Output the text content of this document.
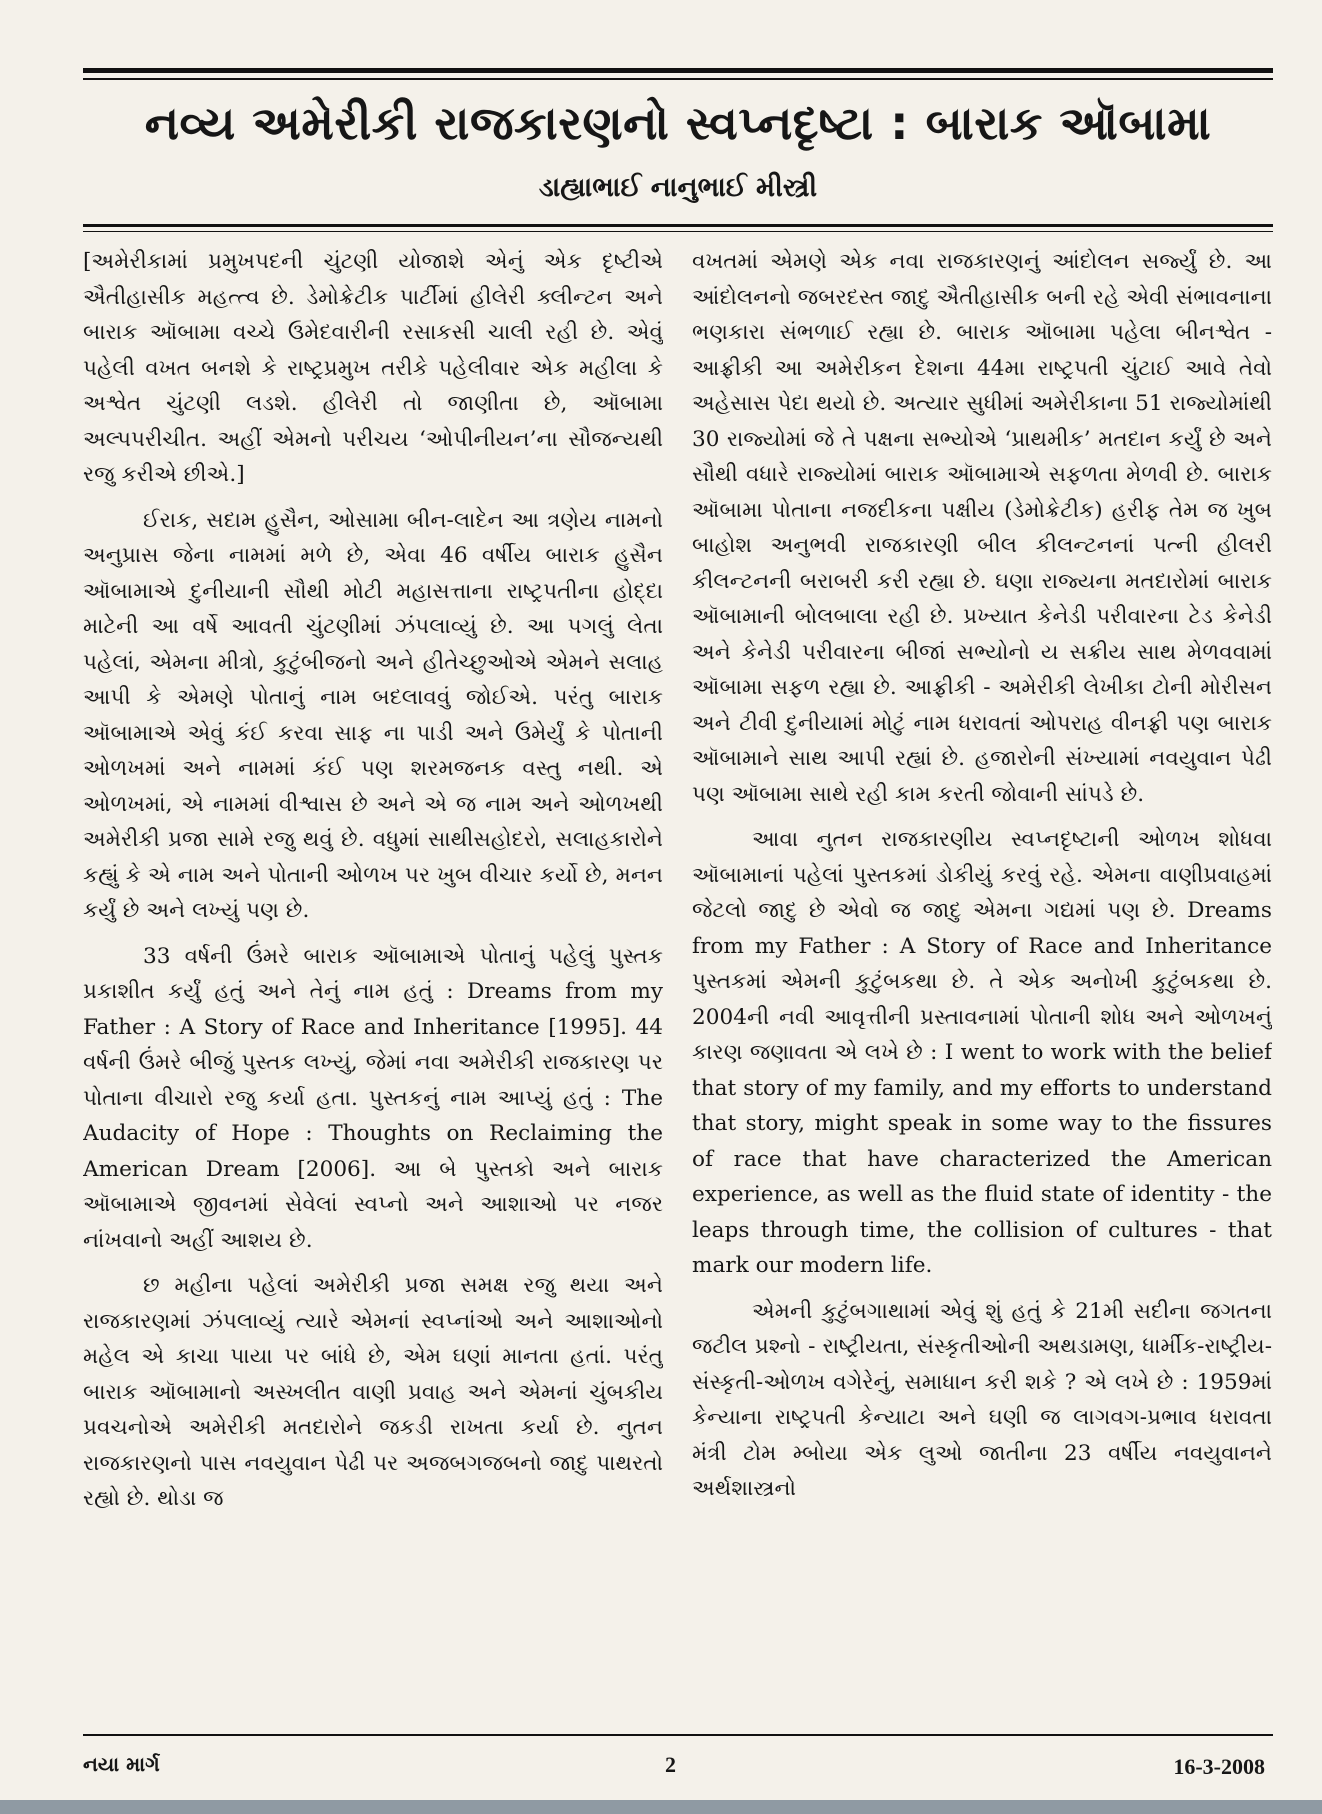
નવ્ય અમેરીકી રાજકારણનો સ્વપ્નદૃષ્ટા : બારાક ઑબામા
ડાહ્યાભાઈ નાનુભાઈ મીસ્ત્રી

[અમેરીકામાં પ્રમુખપદની ચુંટણી યોજાશે એનું એક દૃષ્ટીએ ઐતીહાસીક મહત્ત્વ છે. ડેમોક્રેટીક પાર્ટીમાં હીલેરી ક્લીન્ટન અને બારાક ઑબામા વચ્ચે ઉમેદવારીની રસાકસી ચાલી રહી છે. એવું પહેલી વખત બનશે કે રાષ્ટ્રપ્રમુખ તરીકે પહેલીવાર એક મહીલા કે અશ્વેત ચુંટણી લડશે. હીલેરી તો જાણીતા છે, ઑબામા અલ્પપરીચીત. અહીં એમનો પરીચય ‘ઓપીનીયન’ના સૌજન્યથી રજુ કરીએ છીએ.]

ઈરાક, સદામ હુસૈન, ઓસામા બીન-લાદેન આ ત્રણેય નામનો અનુપ્રાસ જેના નામમાં મળે છે, એવા 46 વર્ષીય બારાક હુસૈન ઑબામાએ દુનીયાની સૌથી મોટી મહાસત્તાના રાષ્ટ્રપતીના હોદ્દા માટેની આ વર્ષે આવતી ચુંટણીમાં ઝંપલાવ્યું છે. આ પગલું લેતા પહેલાં, એમના મીત્રો, કુટુંબીજનો અને હીતેચ્છુઓએ એમને સલાહ આપી કે એમણે પોતાનું નામ બદલાવવું જોઈએ. પરંતુ બારાક ઑબામાએ એવું કંઈ કરવા સાફ ના પાડી અને ઉમેર્યું કે પોતાની ઓળખમાં અને નામમાં કંઈ પણ શરમજનક વસ્તુ નથી. એ ઓળખમાં, એ નામમાં વીશ્વાસ છે અને એ જ નામ અને ઓળખથી અમેરીકી પ્રજા સામે રજુ થવું છે. વધુમાં સાથીસહોદરો, સલાહકારોને કહ્યું કે એ નામ અને પોતાની ઓળખ પર ખુબ વીચાર કર્યો છે, મનન કર્યું છે અને લખ્યું પણ છે.

33 વર્ષની ઉંમરે બારાક ઑબામાએ પોતાનું પહેલું પુસ્તક પ્રકાશીત કર્યું હતું અને તેનું નામ હતું : Dreams from my Father : A Story of Race and Inheritance [1995]. 44 વર્ષની ઉંમરે બીજું પુસ્તક લખ્યું, જેમાં નવા અમેરીકી રાજકારણ પર પોતાના વીચારો રજુ કર્યા હતા. પુસ્તકનું નામ આપ્યું હતું : The Audacity of Hope : Thoughts on Reclaiming the American Dream [2006]. આ બે પુસ્તકો અને બારાક ઑબામાએ જીવનમાં સેવેલાં સ્વપ્નો અને આશાઓ પર નજર નાંખવાનો અહીં આશય છે.

છ મહીના પહેલાં અમેરીકી પ્રજા સમક્ષ રજુ થયા અને રાજકારણમાં ઝંપલાવ્યું ત્યારે એમનાં સ્વપ્નાંઓ અને આશાઓનો મહેલ એ કાચા પાયા પર બાંધે છે, એમ ઘણાં માનતા હતાં. પરંતુ બારાક ઑબામાનો અસ્ખલીત વાણી પ્રવાહ અને એમનાં ચુંબકીય પ્રવચનોએ અમેરીકી મતદારોને જકડી રાખતા કર્યા છે. નુતન રાજકારણનો પાસ નવયુવાન પેઢી પર અજબગજબનો જાદુ પાથરતો રહ્યો છે. થોડા જ

વખતમાં એમણે એક નવા રાજકારણનું આંદોલન સર્જ્યું છે. આ આંદોલનનો જબરદસ્ત જાદુ ઐતીહાસીક બની રહે એવી સંભાવનાના ભણકારા સંભળાઈ રહ્યા છે. બારાક ઑબામા પહેલા બીનશ્વેત - આફ્રીકી આ અમેરીકન દેશના 44મા રાષ્ટ્રપતી ચુંટાઈ આવે તેવો અહેસાસ પેદા થયો છે. અત્યાર સુધીમાં અમેરીકાના 51 રાજ્યોમાંથી 30 રાજ્યોમાં જે તે પક્ષના સભ્યોએ ‘પ્રાથમીક’ મતદાન કર્યું છે અને સૌથી વધારે રાજ્યોમાં બારાક ઑબામાએ સફળતા મેળવી છે. બારાક ઑબામા પોતાના નજદીકના પક્ષીય (ડેમોક્રેટીક) હરીફ તેમ જ ખુબ બાહોશ અનુભવી રાજકારણી બીલ કીલન્ટનનાં પત્ની હીલરી કીલન્ટનની બરાબરી કરી રહ્યા છે. ઘણા રાજ્યના મતદારોમાં બારાક ઑબામાની બોલબાલા રહી છે. પ્રખ્યાત કેનેડી પરીવારના ટેડ કેનેડી અને કેનેડી પરીવારના બીજાં સભ્યોનો ય સક્રીય સાથ મેળવવામાં ઑબામા સફળ રહ્યા છે. આફ્રીકી - અમેરીકી લેખીકા ટોની મોરીસન અને ટીવી દુનીયામાં મોટું નામ ધરાવતાં ઓપરાહ વીનફ્રી પણ બારાક ઑબામાને સાથ આપી રહ્યાં છે. હજારોની સંખ્યામાં નવયુવાન પેઢી પણ ઑબામા સાથે રહી કામ કરતી જોવાની સાંપડે છે.

આવા નુતન રાજકારણીય સ્વપ્નદૃષ્ટાની ઓળખ શોધવા ઑબામાનાં પહેલાં પુસ્તકમાં ડોકીયું કરવું રહે. એમના વાણીપ્રવાહમાં જેટલો જાદુ છે એવો જ જાદુ એમના ગદ્યમાં પણ છે. Dreams from my Father : A Story of Race and Inheritance પુસ્તકમાં એમની કુટુંબકથા છે. તે એક અનોખી કુટુંબકથા છે. 2004ની નવી આવૃત્તીની પ્રસ્તાવનામાં પોતાની શોધ અને ઓળખનું કારણ જણાવતા એ લખે છે : I went to work with the belief that story of my family, and my efforts to understand that story, might speak in some way to the fissures of race that have characterized the American experience, as well as the fluid state of identity - the leaps through time, the collision of cultures - that mark our modern life.

એમની કુટુંબગાથામાં એવું શું હતું કે 21મી સદીના જગતના જટીલ પ્રશ્નો - રાષ્ટ્રીયતા, સંસ્કૃતીઓની અથડામણ, ધાર્મીક-રાષ્ટ્રીય-સંસ્કૃતી-ઓળખ વગેરેનું, સમાધાન કરી શકે ? એ લખે છે : 1959માં કેન્યાના રાષ્ટ્રપતી કેન્યાટા અને ઘણી જ લાગવગ-પ્રભાવ ધરાવતા મંત્રી ટોમ મ્બોયા એક લુઓ જાતીના 23 વર્ષીય નવયુવાનને અર્થશાસ્ત્રનો

નયા માર્ગ	2	16-3-2008
